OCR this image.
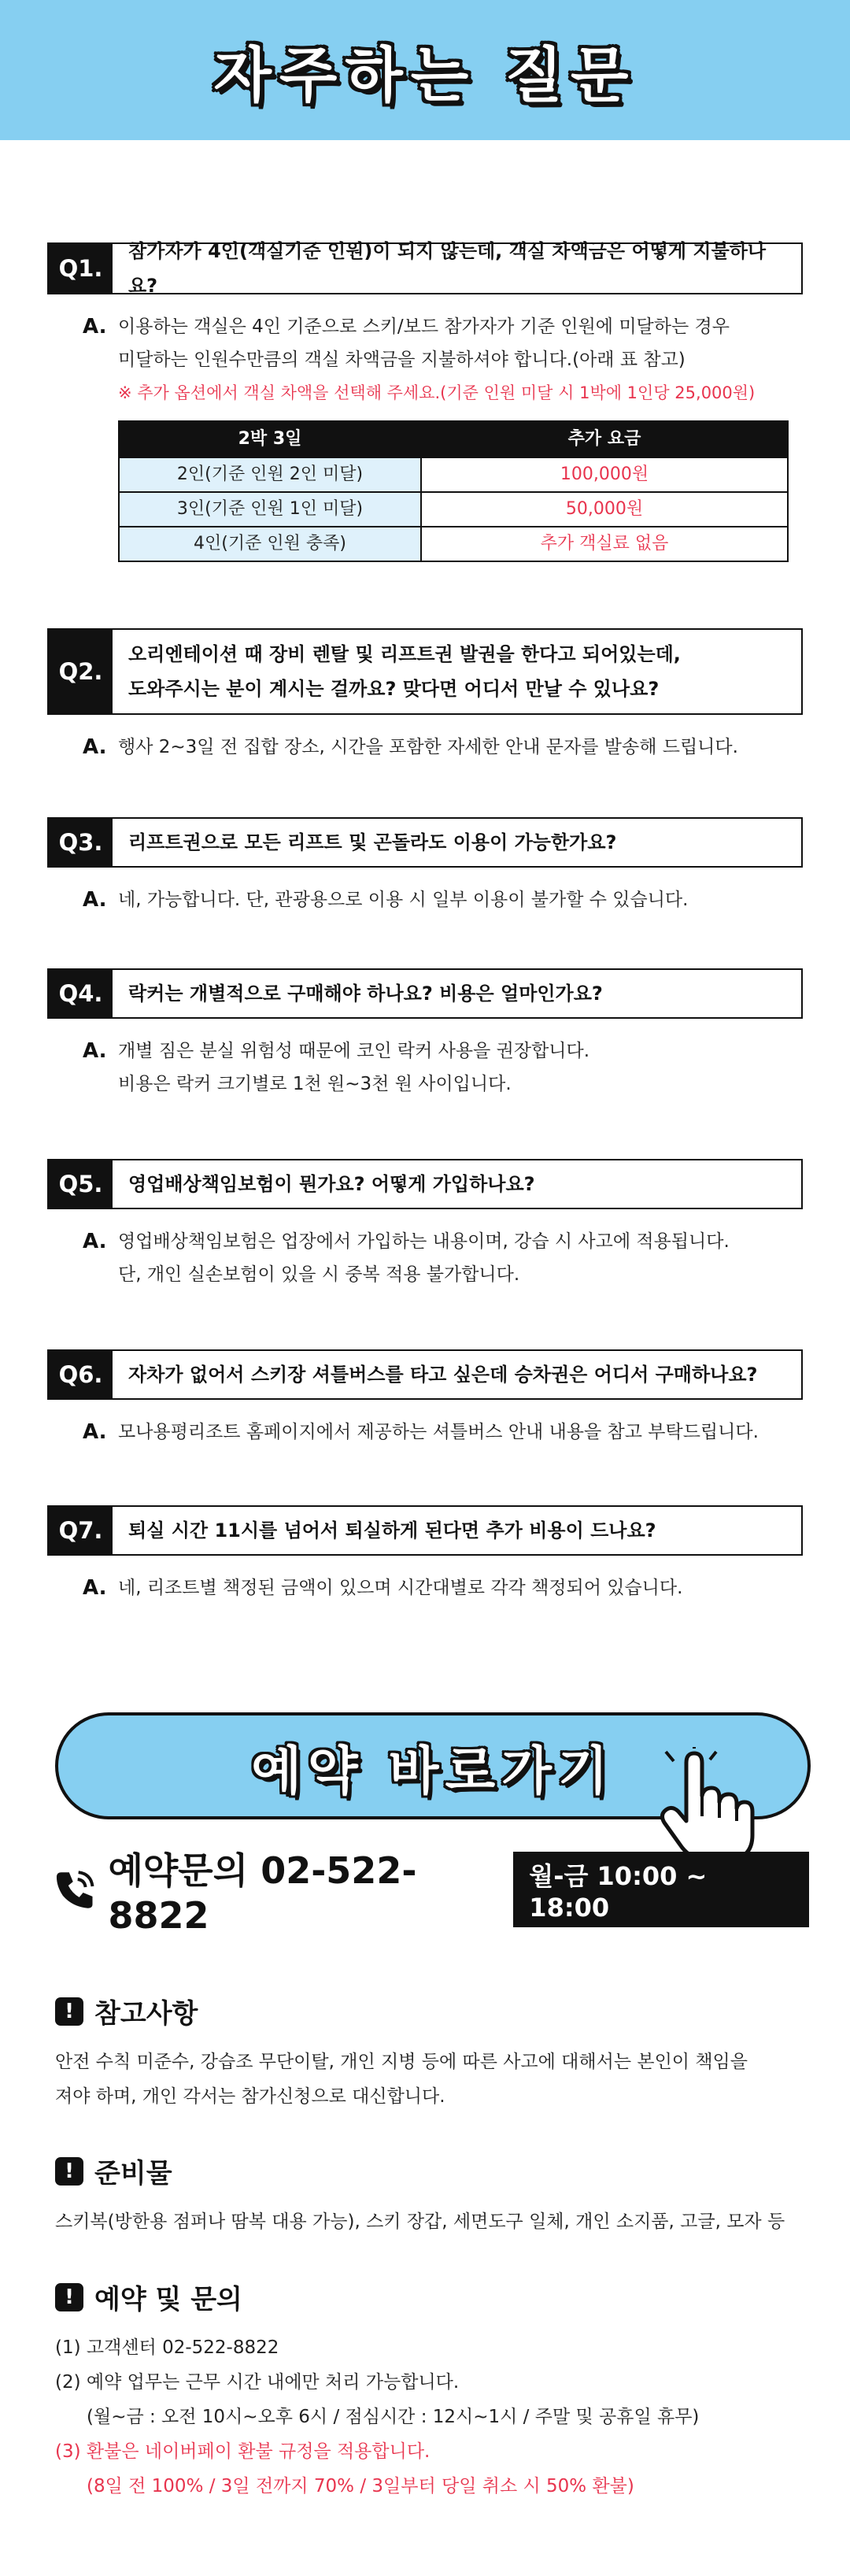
자주하는 질문
Q1.
참가자가 4인(객실기준 인원)이 되지 않는데, 객실 차액금은 어떻게 지불하나요?
A. 이용하는 객실은 4인 기준으로 스키/보드 참가자가 기준 인원에 미달하는 경우
미달하는 인원수만큼의 객실 차액금을 지불하셔야 합니다.(아래 표 참고)
※ 추가 옵션에서 객실 차액을 선택해 주세요.(기준 인원 미달 시 1박에 1인당 25,000원)
2박 3일	추가 요금
2인(기준 인원 2인 미달)	100,000원
3인(기준 인원 1인 미달)	50,000원
4인(기준 인원 충족)	추가 객실료 없음
Q2.
오리엔테이션 때 장비 렌탈 및 리프트권 발권을 한다고 되어있는데,
도와주시는 분이 계시는 걸까요? 맞다면 어디서 만날 수 있나요?
A. 행사 2~3일 전 집합 장소, 시간을 포함한 자세한 안내 문자를 발송해 드립니다.
Q3.	리프트권으로 모든 리프트 및 곤돌라도 이용이 가능한가요?
A. 네, 가능합니다. 단, 관광용으로 이용 시 일부 이용이 불가할 수 있습니다.
Q4.	락커는 개별적으로 구매해야 하나요? 비용은 얼마인가요?
A. 개별 짐은 분실 위험성 때문에 코인 락커 사용을 권장합니다.
비용은 락커 크기별로 1천 원~3천 원 사이입니다.
Q5.	영업배상책임보험이 뭔가요? 어떻게 가입하나요?
A. 영업배상책임보험은 업장에서 가입하는 내용이며, 강습 시 사고에 적용됩니다.
단, 개인 실손보험이 있을 시 중복 적용 불가합니다.
Q6.	자차가 없어서 스키장 셔틀버스를 타고 싶은데 승차권은 어디서 구매하나요?
A. 모나용평리조트 홈페이지에서 제공하는 셔틀버스 안내 내용을 참고 부탁드립니다.
Q7.	퇴실 시간 11시를 넘어서 퇴실하게 된다면 추가 비용이 드나요?
A. 네, 리조트별 책정된 금액이 있으며 시간대별로 각각 책정되어 있습니다.
예약 바로가기
예약문의 02-522-8822
월-금 10:00 ~ 18:00
! 참고사항
안전 수칙 미준수, 강습조 무단이탈, 개인 지병 등에 따른 사고에 대해서는 본인이 책임을
져야 하며, 개인 각서는 참가신청으로 대신합니다.
! 준비물
스키복(방한용 점퍼나 땀복 대용 가능), 스키 장갑, 세면도구 일체, 개인 소지품, 고글, 모자 등
! 예약 및 문의
(1) 고객센터 02-522-8822
(2) 예약 업무는 근무 시간 내에만 처리 가능합니다.
(월~금 : 오전 10시~오후 6시 / 점심시간 : 12시~1시 / 주말 및 공휴일 휴무)
(3) 환불은 네이버페이 환불 규정을 적용합니다.
(8일 전 100% / 3일 전까지 70% / 3일부터 당일 취소 시 50% 환불)
